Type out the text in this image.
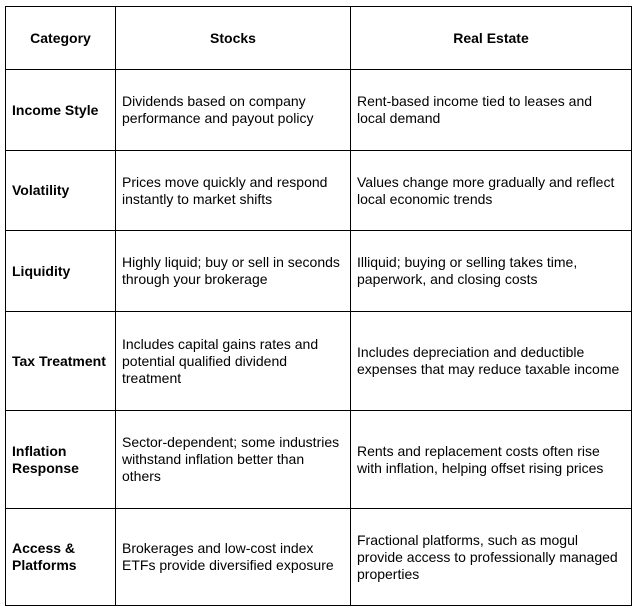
Category	Stocks	Real Estate
Income Style	Dividends based on company performance and payout policy	Rent-based income tied to leases and local demand
Volatility	Prices move quickly and respond instantly to market shifts	Values change more gradually and reflect local economic trends
Liquidity	Highly liquid; buy or sell in seconds through your brokerage	Illiquid; buying or selling takes time, paperwork, and closing costs
Tax Treatment	Includes capital gains rates and potential qualified dividend treatment	Includes depreciation and deductible expenses that may reduce taxable income
Inflation Response	Sector-dependent; some industries withstand inflation better than others	Rents and replacement costs often rise with inflation, helping offset rising prices
Access & Platforms	Brokerages and low-cost index ETFs provide diversified exposure	Fractional platforms, such as mogul provide access to professionally managed properties
